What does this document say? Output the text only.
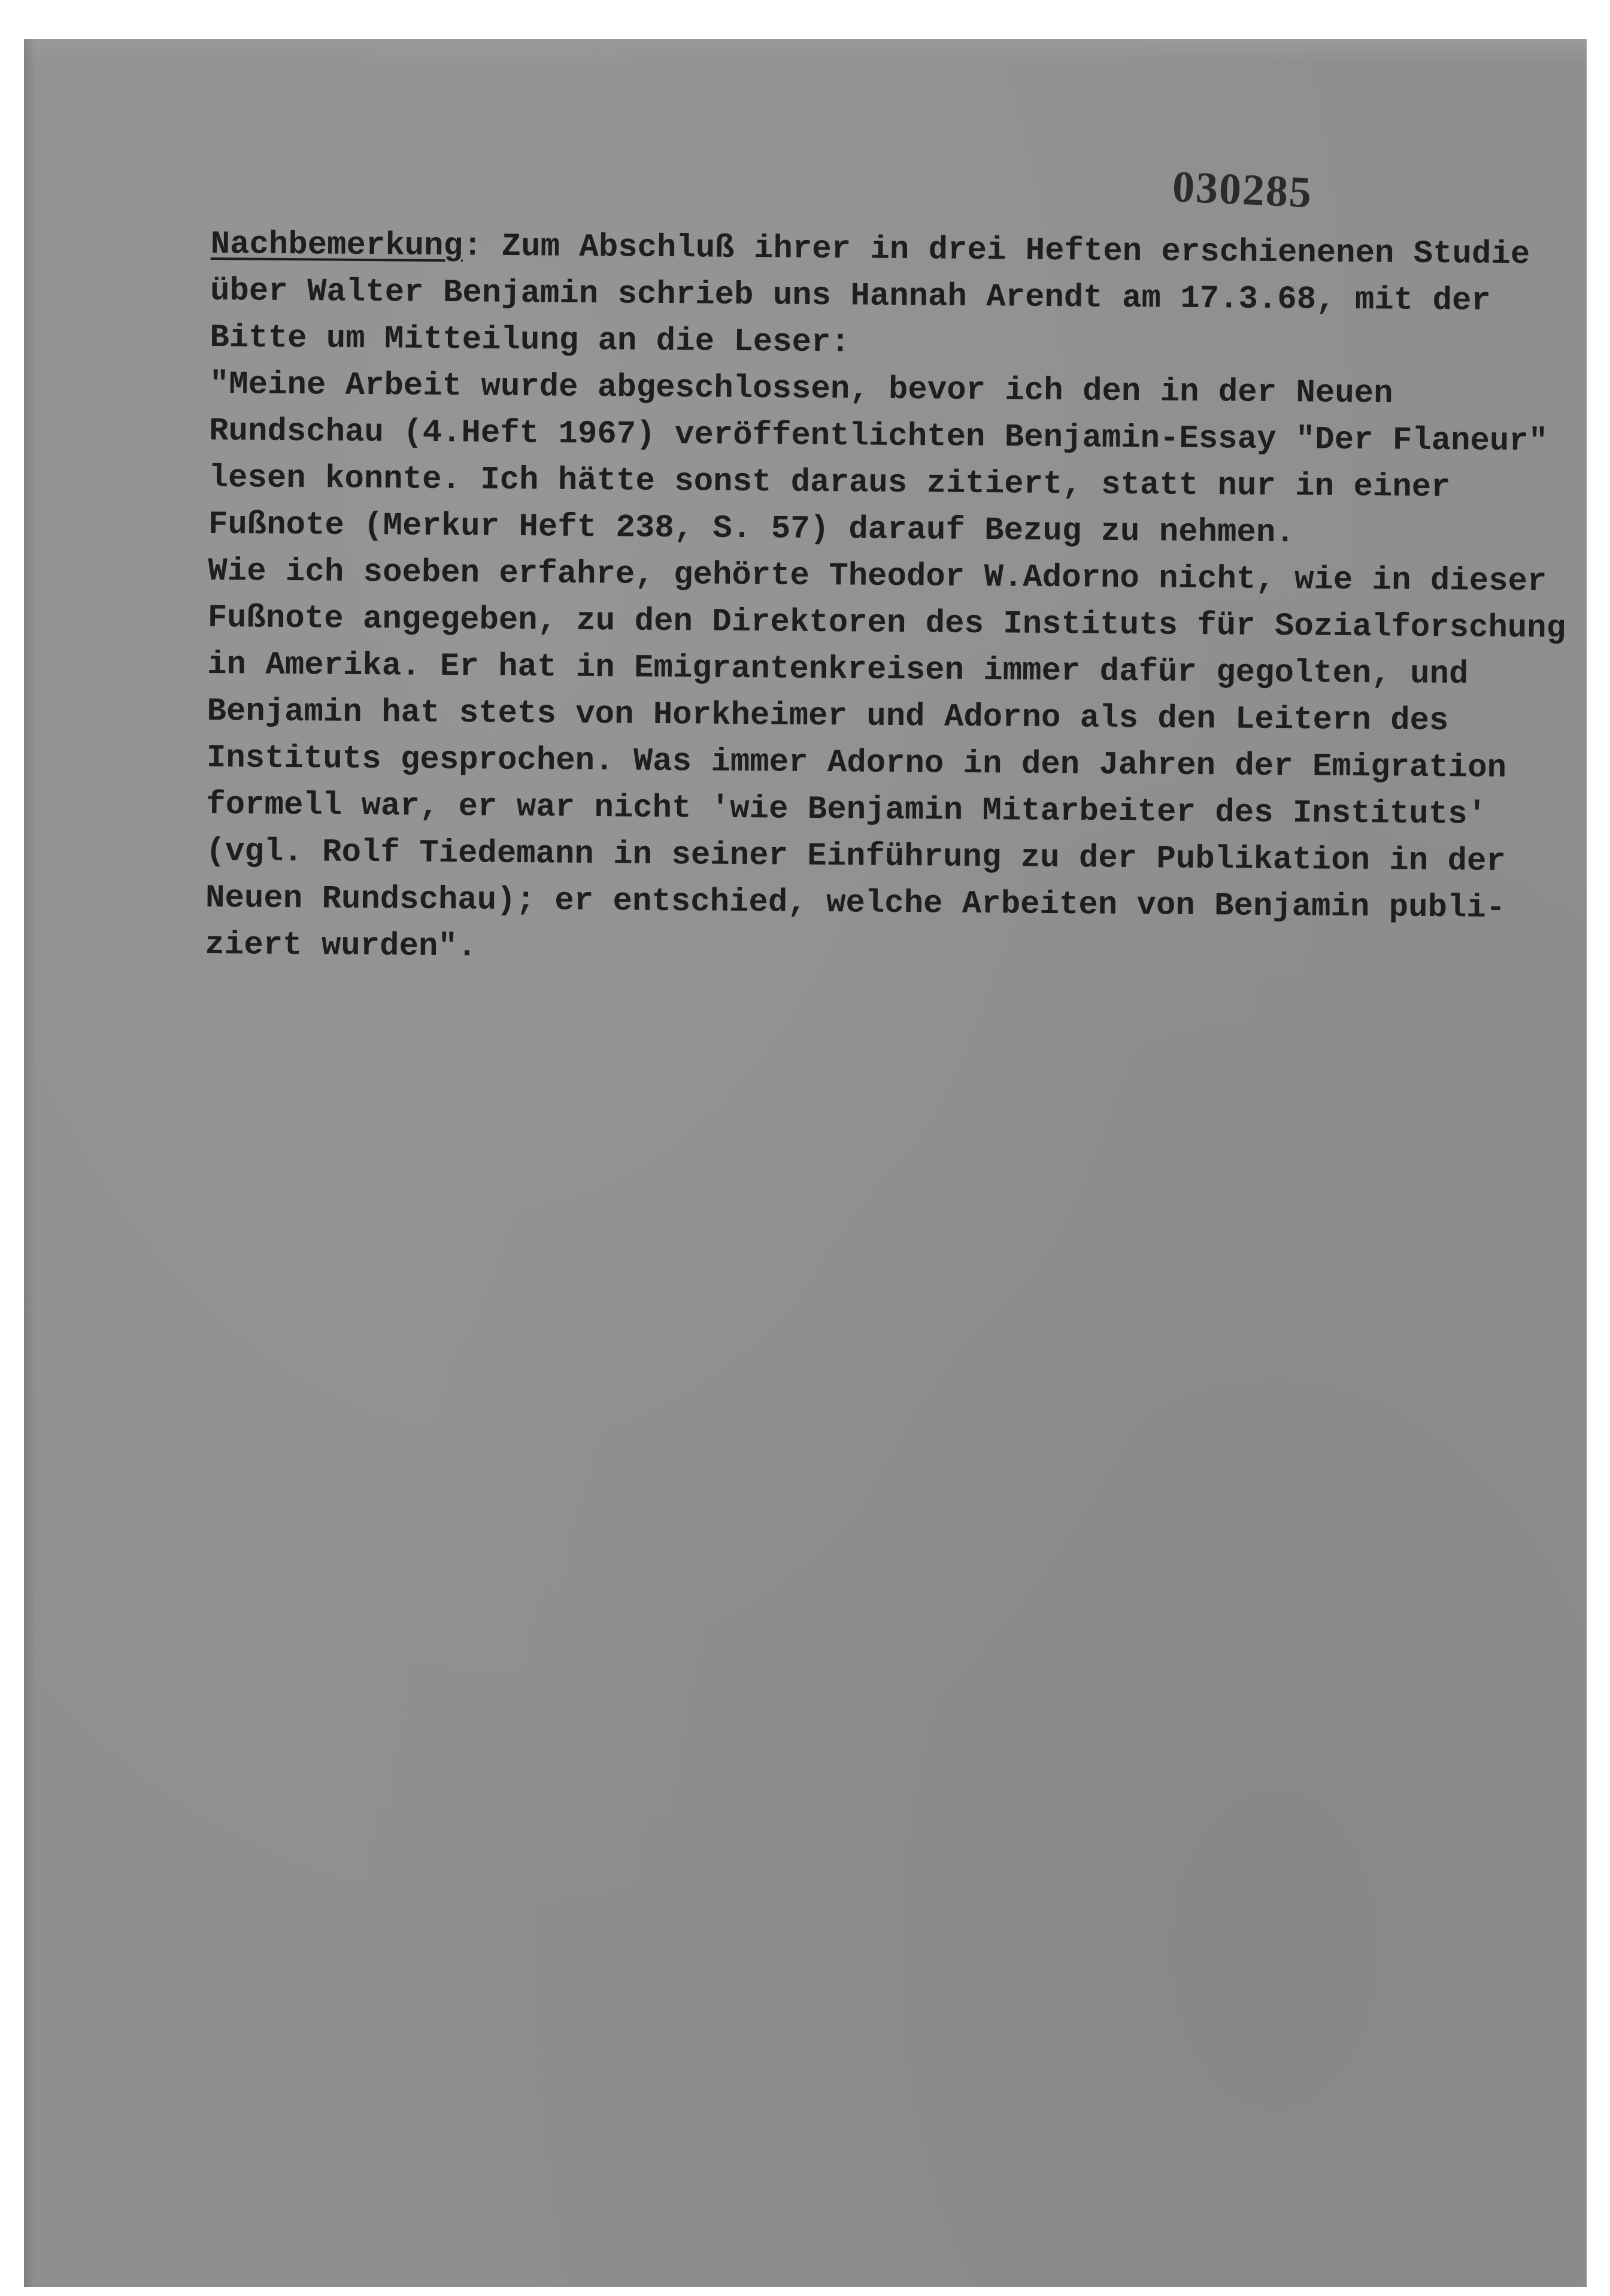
030285

Nachbemerkung: Zum Abschluß ihrer in drei Heften erschienenen Studie
über Walter Benjamin schrieb uns Hannah Arendt am 17.3.68, mit der
Bitte um Mitteilung an die Leser:
"Meine Arbeit wurde abgeschlossen, bevor ich den in der Neuen
Rundschau (4.Heft 1967) veröffentlichten Benjamin-Essay "Der Flaneur"
lesen konnte. Ich hätte sonst daraus zitiert, statt nur in einer
Fußnote (Merkur Heft 238, S. 57) darauf Bezug zu nehmen.
Wie ich soeben erfahre, gehörte Theodor W.Adorno nicht, wie in dieser
Fußnote angegeben, zu den Direktoren des Instituts für Sozialforschung
in Amerika. Er hat in Emigrantenkreisen immer dafür gegolten, und
Benjamin hat stets von Horkheimer und Adorno als den Leitern des
Instituts gesprochen. Was immer Adorno in den Jahren der Emigration
formell war, er war nicht 'wie Benjamin Mitarbeiter des Instituts'
(vgl. Rolf Tiedemann in seiner Einführung zu der Publikation in der
Neuen Rundschau); er entschied, welche Arbeiten von Benjamin publi-
ziert wurden".
